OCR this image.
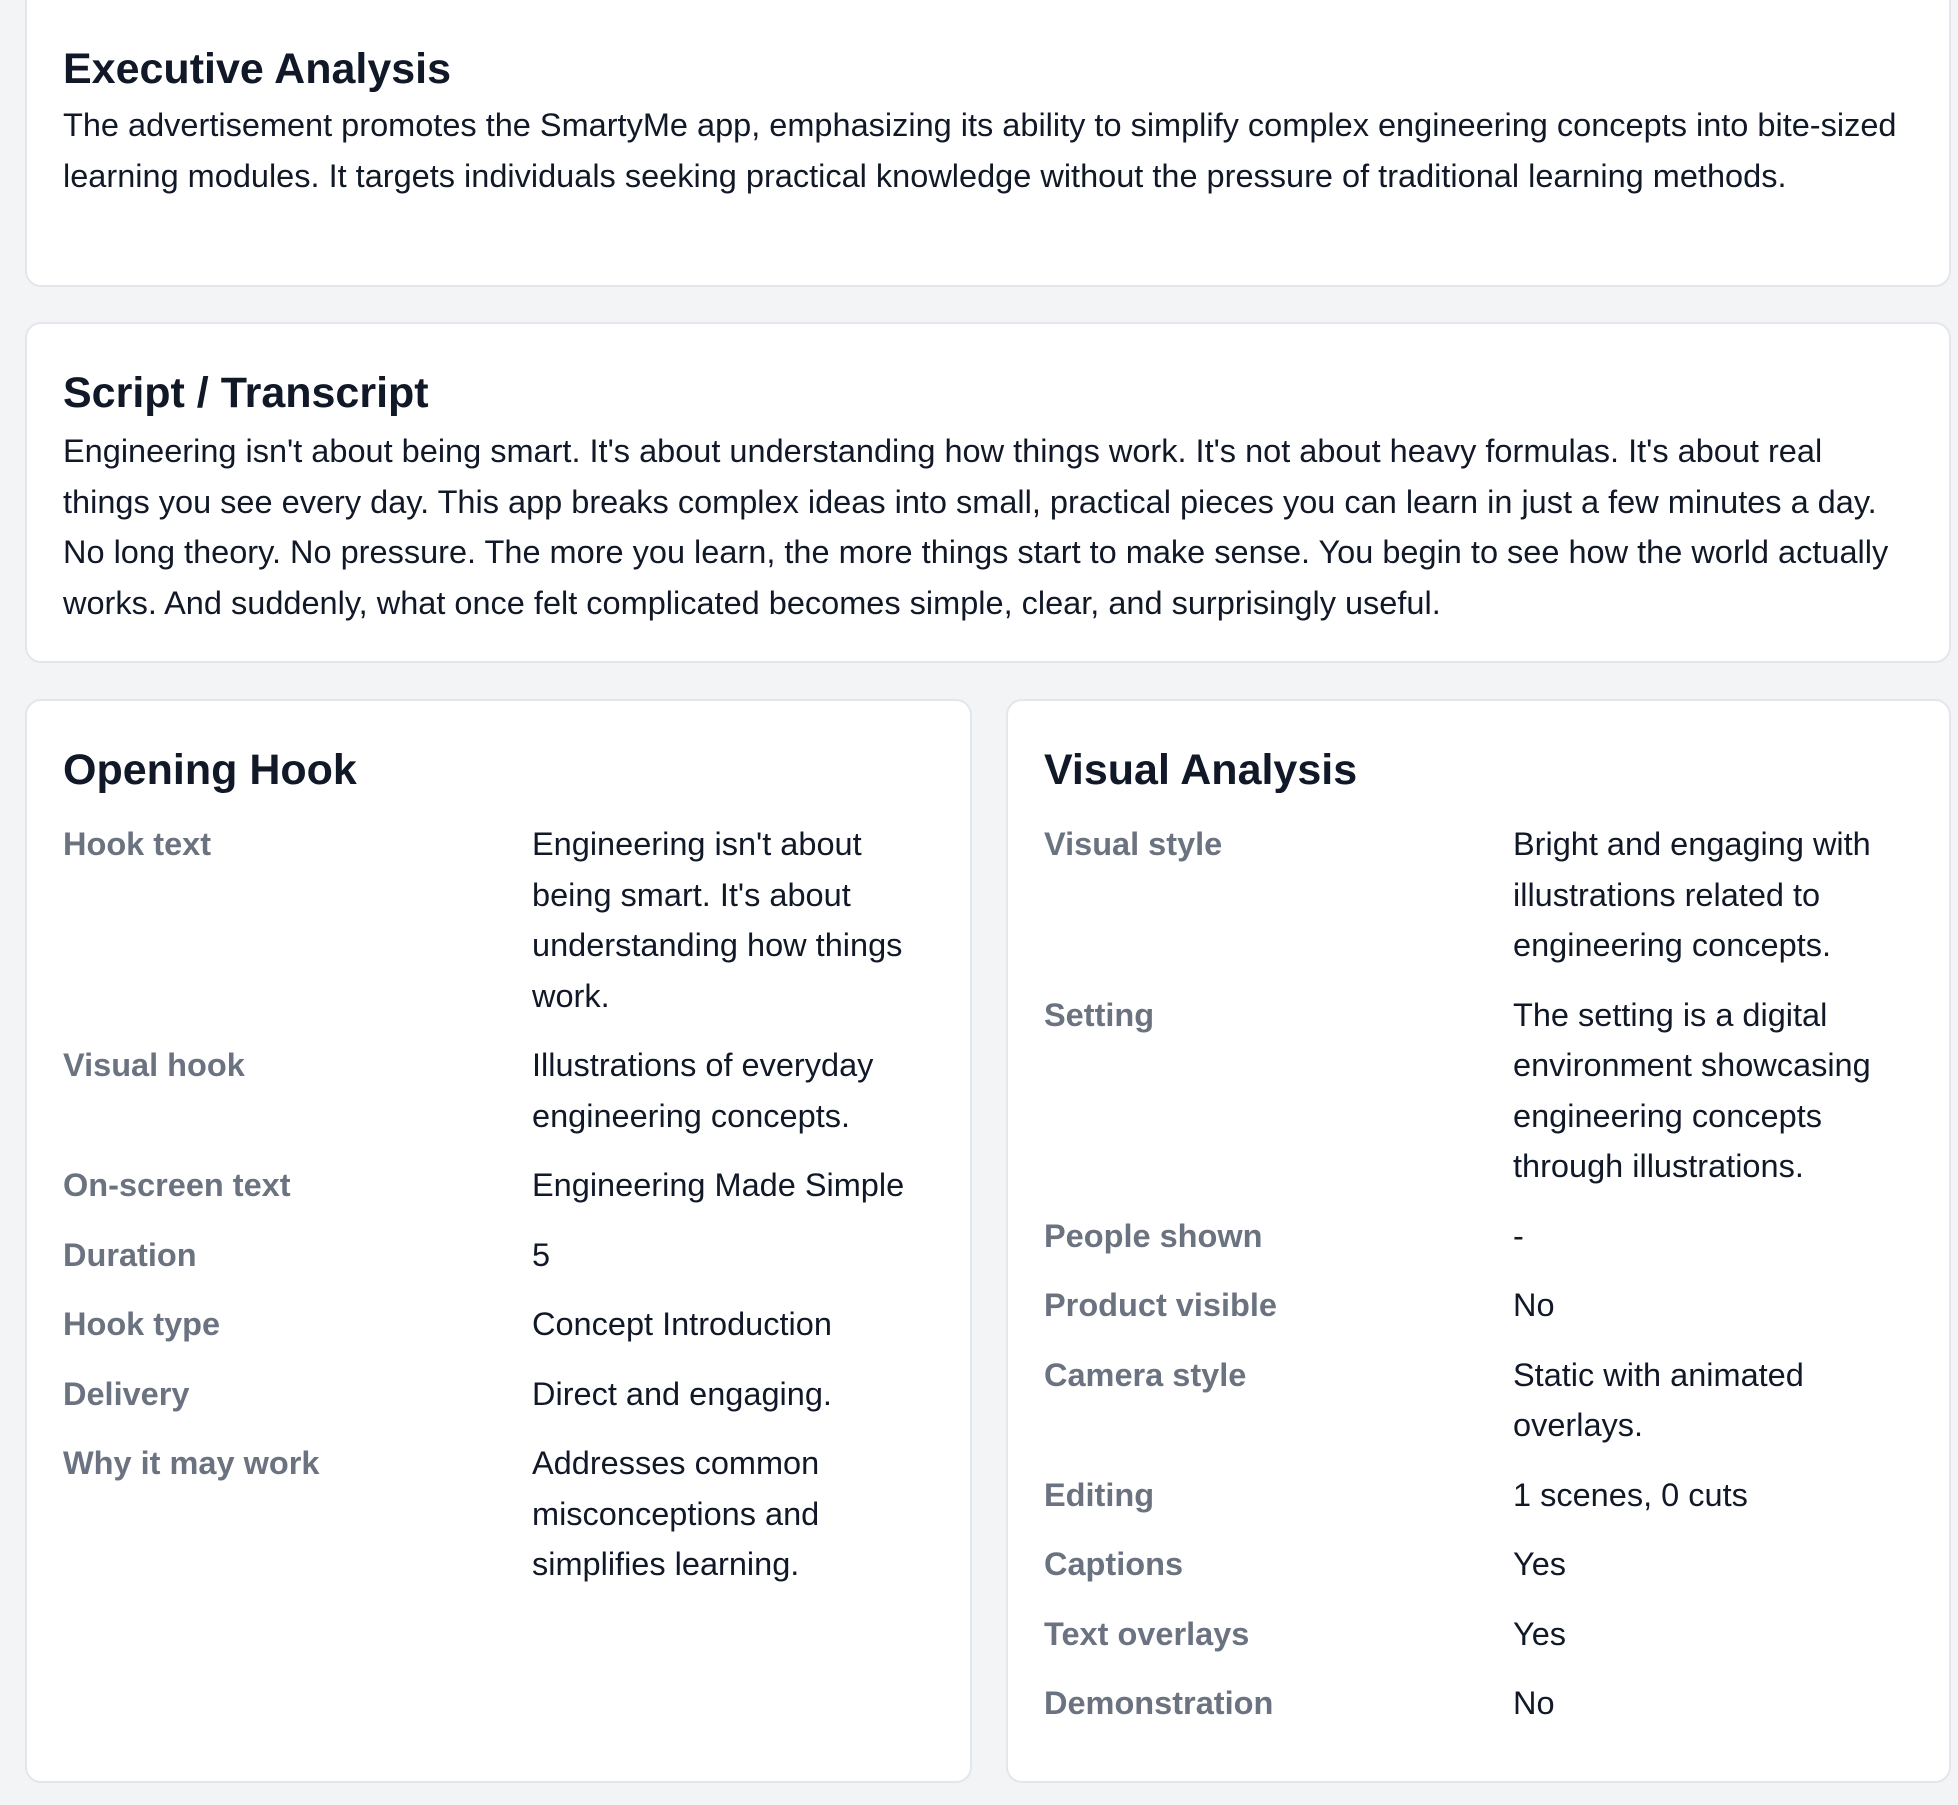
Executive Analysis

The advertisement promotes the SmartyMe app, emphasizing its ability to simplify complex engineering concepts into bite-sized learning modules. It targets individuals seeking practical knowledge without the pressure of traditional learning methods.

Script / Transcript

Engineering isn't about being smart. It's about understanding how things work. It's not about heavy formulas. It's about real things you see every day. This app breaks complex ideas into small, practical pieces you can learn in just a few minutes a day. No long theory. No pressure. The more you learn, the more things start to make sense. You begin to see how the world actually works. And suddenly, what once felt complicated becomes simple, clear, and surprisingly useful.

Opening Hook
Hook text	Engineering isn't about being smart. It's about understanding how things work.
Visual hook	Illustrations of everyday engineering concepts.
On-screen text	Engineering Made Simple
Duration	5
Hook type	Concept Introduction
Delivery	Direct and engaging.
Why it may work	Addresses common misconceptions and simplifies learning.
Visual Analysis
Visual style	Bright and engaging with illustrations related to engineering concepts.
Setting	The setting is a digital environment showcasing engineering concepts through illustrations.
People shown	-
Product visible	No
Camera style	Static with animated overlays.
Editing	1 scenes, 0 cuts
Captions	Yes
Text overlays	Yes
Demonstration	No
